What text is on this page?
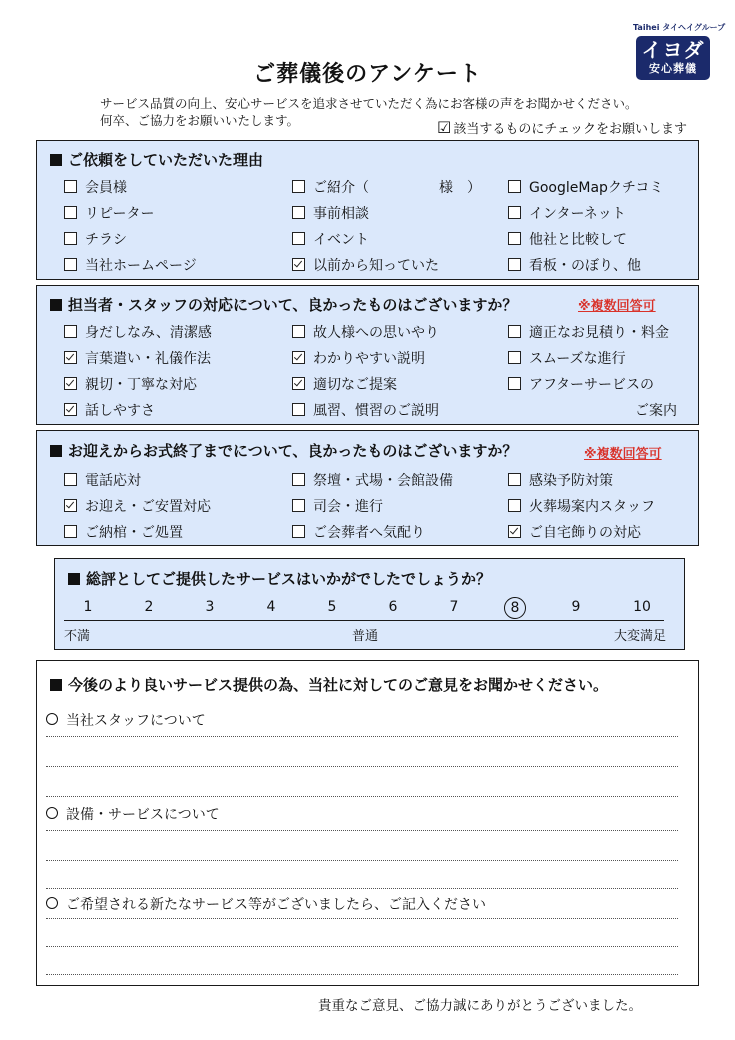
Taihei タイヘイグループ
イヨダ
安心葬儀
ご葬儀後のアンケート
サービス品質の向上、安心サービスを追求させていただく為にお客様の声をお聞かせください。
何卒、ご協力をお願いいたします。	☑ 該当するものにチェックをお願いします
ご依頼をしていただいた理由
会員様	ご紹介（　　　　　様　）	GoogleMapクチコミ
リピーター	事前相談	インターネット
チラシ	イベント	他社と比較して
当社ホームページ	以前から知っていた	看板・のぼり、他
担当者・スタッフの対応について、良かったものはございますか？	※複数回答可
身だしなみ、清潔感	故人様への思いやり	適正なお見積り・料金
言葉遣い・礼儀作法	わかりやすい説明	スムーズな進行
親切・丁寧な対応	適切なご提案	アフターサービスの
話しやすさ	風習、慣習のご説明	ご案内
お迎えからお式終了までについて、良かったものはございますか？	※複数回答可
電話応対	祭壇・式場・会館設備	感染予防対策
お迎え・ご安置対応	司会・進行	火葬場案内スタッフ
ご納棺・ご処置	ご会葬者へ気配り	ご自宅飾りの対応
総評としてご提供したサービスはいかがでしたでしょうか？
1	2	3	4	5	6	7	8	9	10
不満	普通	大変満足
今後のより良いサービス提供の為、当社に対してのご意見をお聞かせください。
当社スタッフについて
設備・サービスについて
ご希望される新たなサービス等がございましたら、ご記入ください
貴重なご意見、ご協力誠にありがとうございました。
